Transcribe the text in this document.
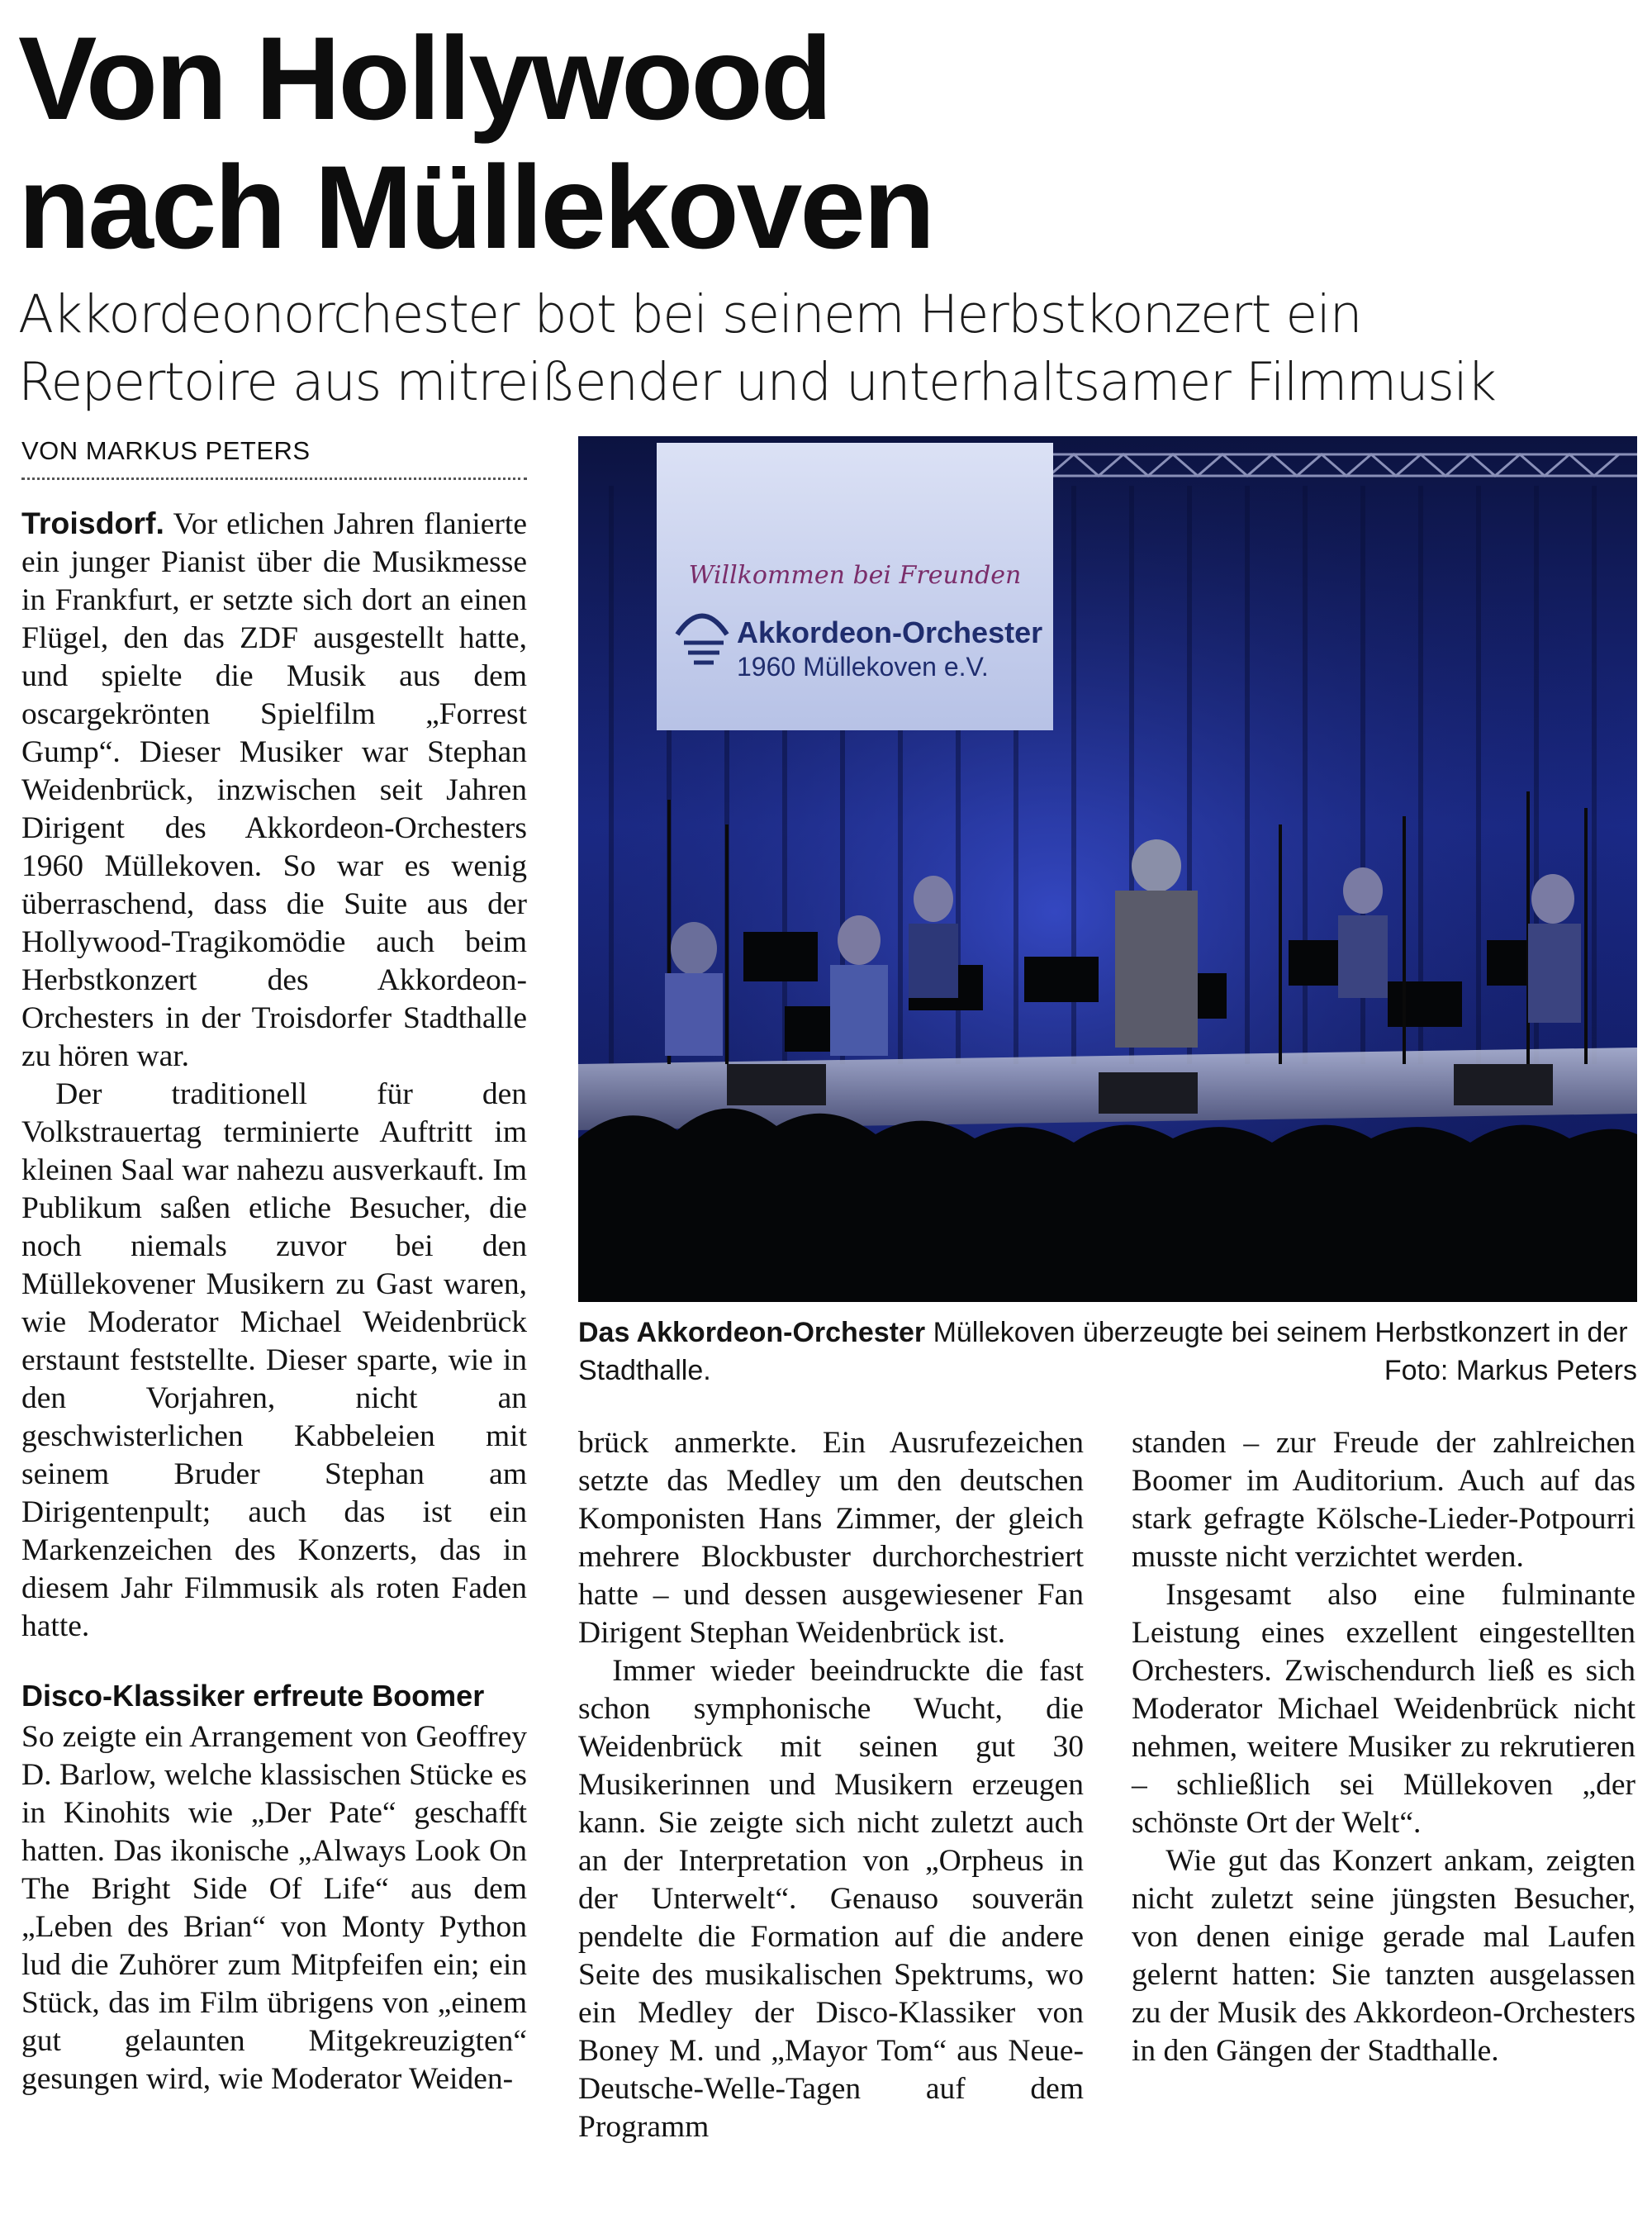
Von Hollywood
nach Müllekoven
Akkordeonorchester bot bei seinem Herbstkonzert ein
Repertoire aus mitreißender und unterhaltsamer Filmmusik
VON MARKUS PETERS

Troisdorf. Vor etlichen Jahren flanierte ein junger Pianist über die Musikmesse in Frankfurt, er setzte sich dort an einen Flügel, den das ZDF ausgestellt hatte, und spielte die Musik aus dem oscargekrönten Spielfilm „Forrest Gump“. Dieser Musiker war Stephan Weidenbrück, inzwischen seit Jahren Dirigent des Akkordeon-Orchesters 1960 Müllekoven. So war es wenig überraschend, dass die Suite aus der Hollywood-Tragikomödie auch beim Herbstkonzert des Akkordeon-Orchesters in der Troisdorfer Stadthalle zu hören war.

Der traditionell für den Volkstrauertag terminierte Auftritt im kleinen Saal war nahezu ausverkauft. Im Publikum saßen etliche Besucher, die noch niemals zuvor bei den Müllekovener Musikern zu Gast waren, wie Moderator Michael Weidenbrück erstaunt feststellte. Dieser sparte, wie in den Vorjahren, nicht an geschwisterlichen Kabbeleien mit seinem Bruder Stephan am Dirigentenpult; auch das ist ein Markenzeichen des Konzerts, das in diesem Jahr Filmmusik als roten Faden hatte.

Disco-Klassiker erfreute Boomer

So zeigte ein Arrangement von Geoffrey D. Barlow, welche klassischen Stücke es in Kinohits wie „Der Pate“ geschafft hatten. Das ikonische „Always Look On The Bright Side Of Life“ aus dem „Leben des Brian“ von Monty Python lud die Zuhörer zum Mitpfeifen ein; ein Stück, das im Film übrigens von „einem gut gelaunten Mitgekreuzigten“ gesungen wird, wie Moderator Weiden-

Willkommen bei Freunden
Akkordeon-Orchester
1960 Müllekoven e.V.
Das Akkordeon-Orchester Müllekoven überzeugte bei seinem Herbstkonzert in der Stadthalle.	Foto: Markus Peters

brück anmerkte. Ein Ausrufezeichen setzte das Medley um den deutschen Komponisten Hans Zimmer, der gleich mehrere Blockbuster durchorchestriert hatte – und dessen ausgewiesener Fan Dirigent Stephan Weidenbrück ist.

Immer wieder beeindruckte die fast schon symphonische Wucht, die Weidenbrück mit seinen gut 30 Musikerinnen und Musikern erzeugen kann. Sie zeigte sich nicht zuletzt auch an der Interpretation von „Orpheus in der Unterwelt“. Genauso souverän pendelte die Formation auf die andere Seite des musikalischen Spektrums, wo ein Medley der Disco-Klassiker von Boney M. und „Mayor Tom“ aus Neue-Deutsche-Welle-Tagen auf dem Programm

standen – zur Freude der zahlreichen Boomer im Auditorium. Auch auf das stark gefragte Kölsche-Lieder-Potpourri musste nicht verzichtet werden.

Insgesamt also eine fulminante Leistung eines exzellent eingestellten Orchesters. Zwischendurch ließ es sich Moderator Michael Weidenbrück nicht nehmen, weitere Musiker zu rekrutieren – schließlich sei Müllekoven „der schönste Ort der Welt“.

Wie gut das Konzert ankam, zeigten nicht zuletzt seine jüngsten Besucher, von denen einige gerade mal Laufen gelernt hatten: Sie tanzten ausgelassen zu der Musik des Akkordeon-Orchesters in den Gängen der Stadthalle.
